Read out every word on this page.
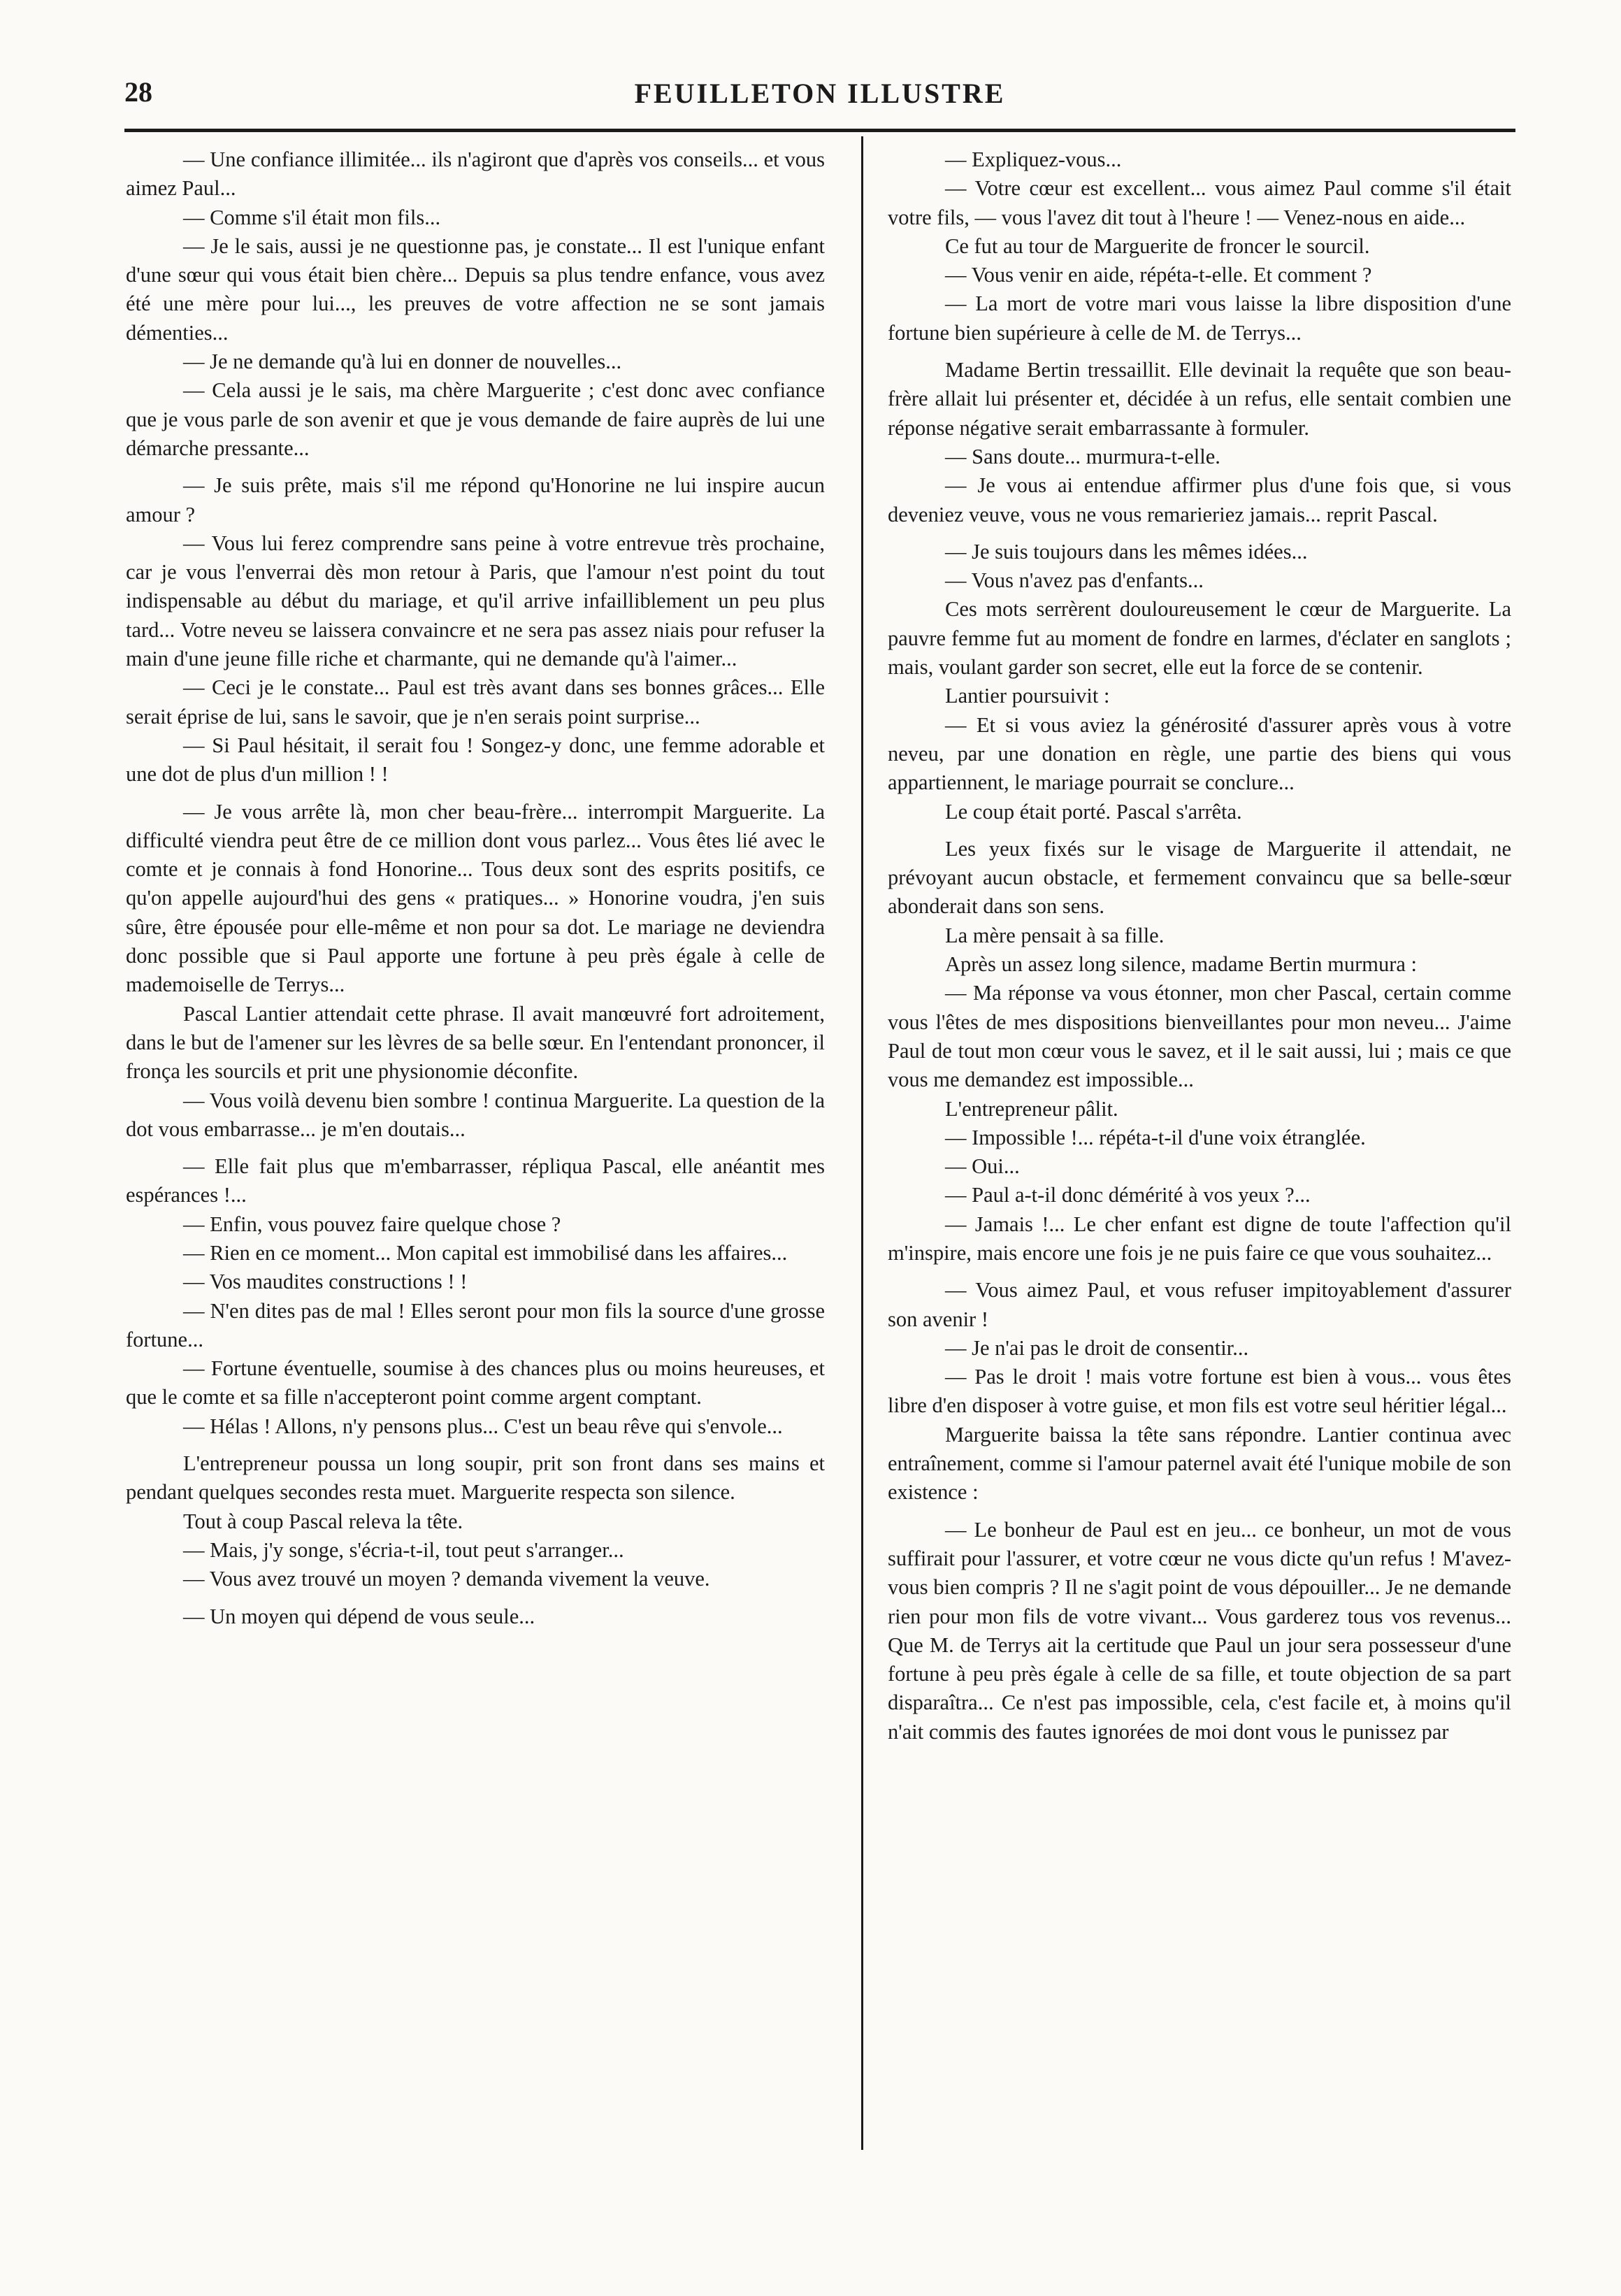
28	FEUILLETON ILLUSTRE

— Une confiance illimitée... ils n'agiront que d'après vos conseils... et vous aimez Paul...

— Comme s'il était mon fils...

— Je le sais, aussi je ne questionne pas, je constate... Il est l'unique enfant d'une sœur qui vous était bien chère... Depuis sa plus tendre enfance, vous avez été une mère pour lui..., les preuves de votre affection ne se sont jamais démenties...

— Je ne demande qu'à lui en donner de nouvelles...

— Cela aussi je le sais, ma chère Marguerite ; c'est donc avec confiance que je vous parle de son avenir et que je vous demande de faire auprès de lui une démarche pressante...

— Je suis prête, mais s'il me répond qu'Honorine ne lui inspire aucun amour ?

— Vous lui ferez comprendre sans peine à votre entrevue très prochaine, car je vous l'enverrai dès mon retour à Paris, que l'amour n'est point du tout indispensable au début du mariage, et qu'il arrive infailliblement un peu plus tard... Votre neveu se laissera convaincre et ne sera pas assez niais pour refuser la main d'une jeune fille riche et charmante, qui ne demande qu'à l'aimer...

— Ceci je le constate... Paul est très avant dans ses bonnes grâces... Elle serait éprise de lui, sans le savoir, que je n'en serais point surprise...

— Si Paul hésitait, il serait fou ! Songez-y donc, une femme adorable et une dot de plus d'un million ! !

— Je vous arrête là, mon cher beau-frère... interrompit Marguerite. La difficulté viendra peut être de ce million dont vous parlez... Vous êtes lié avec le comte et je connais à fond Honorine... Tous deux sont des esprits positifs, ce qu'on appelle aujourd'hui des gens « pratiques... » Honorine voudra, j'en suis sûre, être épousée pour elle-même et non pour sa dot. Le mariage ne deviendra donc possible que si Paul apporte une fortune à peu près égale à celle de mademoiselle de Terrys...

Pascal Lantier attendait cette phrase. Il avait manœuvré fort adroitement, dans le but de l'amener sur les lèvres de sa belle sœur. En l'entendant prononcer, il fronça les sourcils et prit une physionomie déconfite.

— Vous voilà devenu bien sombre ! continua Marguerite. La question de la dot vous embarrasse... je m'en doutais...

— Elle fait plus que m'embarrasser, répliqua Pascal, elle anéantit mes espérances !...

— Enfin, vous pouvez faire quelque chose ?

— Rien en ce moment... Mon capital est immobilisé dans les affaires...

— Vos maudites constructions ! !

— N'en dites pas de mal ! Elles seront pour mon fils la source d'une grosse fortune...

— Fortune éventuelle, soumise à des chances plus ou moins heureuses, et que le comte et sa fille n'accepteront point comme argent comptant.

— Hélas ! Allons, n'y pensons plus... C'est un beau rêve qui s'envole...

L'entrepreneur poussa un long soupir, prit son front dans ses mains et pendant quelques secondes resta muet. Marguerite respecta son silence.

Tout à coup Pascal releva la tête.

— Mais, j'y songe, s'écria-t-il, tout peut s'arranger...

— Vous avez trouvé un moyen ? demanda vivement la veuve.

— Un moyen qui dépend de vous seule...

— Expliquez-vous...

— Votre cœur est excellent... vous aimez Paul comme s'il était votre fils, — vous l'avez dit tout à l'heure ! — Venez-nous en aide...

Ce fut au tour de Marguerite de froncer le sourcil.

— Vous venir en aide, répéta-t-elle. Et comment ?

— La mort de votre mari vous laisse la libre disposition d'une fortune bien supérieure à celle de M. de Terrys...

Madame Bertin tressaillit. Elle devinait la requête que son beau-frère allait lui présenter et, décidée à un refus, elle sentait combien une réponse négative serait embarrassante à formuler.

— Sans doute... murmura-t-elle.

— Je vous ai entendue affirmer plus d'une fois que, si vous deveniez veuve, vous ne vous remarieriez jamais... reprit Pascal.

— Je suis toujours dans les mêmes idées...

— Vous n'avez pas d'enfants...

Ces mots serrèrent douloureusement le cœur de Marguerite. La pauvre femme fut au moment de fondre en larmes, d'éclater en sanglots ; mais, voulant garder son secret, elle eut la force de se contenir.

Lantier poursuivit :

— Et si vous aviez la générosité d'assurer après vous à votre neveu, par une donation en règle, une partie des biens qui vous appartiennent, le mariage pourrait se conclure...

Le coup était porté. Pascal s'arrêta.

Les yeux fixés sur le visage de Marguerite il attendait, ne prévoyant aucun obstacle, et fermement convaincu que sa belle-sœur abonderait dans son sens.

La mère pensait à sa fille.

Après un assez long silence, madame Bertin murmura :

— Ma réponse va vous étonner, mon cher Pascal, certain comme vous l'êtes de mes dispositions bienveillantes pour mon neveu... J'aime Paul de tout mon cœur vous le savez, et il le sait aussi, lui ; mais ce que vous me demandez est impossible...

L'entrepreneur pâlit.

— Impossible !... répéta-t-il d'une voix étranglée.

— Oui...

— Paul a-t-il donc démérité à vos yeux ?...

— Jamais !... Le cher enfant est digne de toute l'affection qu'il m'inspire, mais encore une fois je ne puis faire ce que vous souhaitez...

— Vous aimez Paul, et vous refuser impitoyablement d'assurer son avenir !

— Je n'ai pas le droit de consentir...

— Pas le droit ! mais votre fortune est bien à vous... vous êtes libre d'en disposer à votre guise, et mon fils est votre seul héritier légal...

Marguerite baissa la tête sans répondre. Lantier continua avec entraînement, comme si l'amour paternel avait été l'unique mobile de son existence :

— Le bonheur de Paul est en jeu... ce bonheur, un mot de vous suffirait pour l'assurer, et votre cœur ne vous dicte qu'un refus ! M'avez-vous bien compris ? Il ne s'agit point de vous dépouiller... Je ne demande rien pour mon fils de votre vivant... Vous garderez tous vos revenus... Que M. de Terrys ait la certitude que Paul un jour sera possesseur d'une fortune à peu près égale à celle de sa fille, et toute objection de sa part disparaîtra... Ce n'est pas impossible, cela, c'est facile et, à moins qu'il n'ait commis des fautes ignorées de moi dont vous le punissez par
